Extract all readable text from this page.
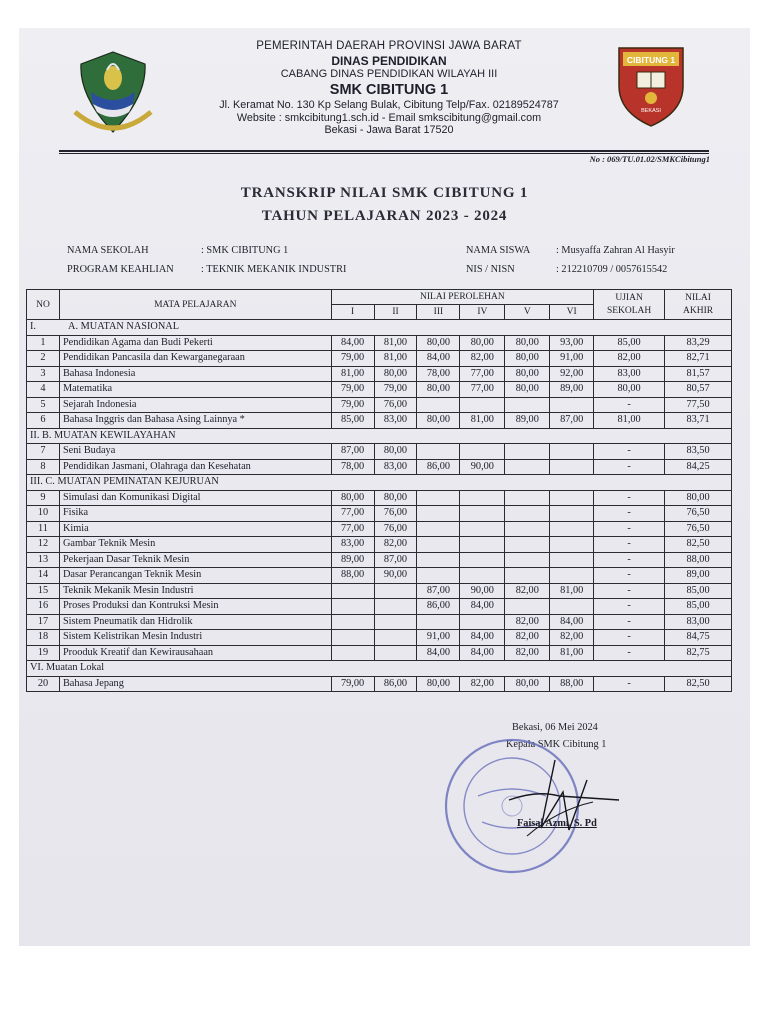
PEMERINTAH DAERAH PROVINSI JAWA BARAT
DINAS PENDIDIKAN
CABANG DINAS PENDIDIKAN WILAYAH III
SMK CIBITUNG 1
Jl. Keramat No. 130 Kp Selang Bulak, Cibitung Telp/Fax. 02189524787
Website : smkcibitung1.sch.id - Email smkscibitung@gmail.com
Bekasi - Jawa Barat 17520
CIBITUNG 1
BEKASI
No : 069/TU.01.02/SMKCibitung1
TRANSKRIP NILAI SMK CIBITUNG 1
TAHUN PELAJARAN 2023 - 2024
NAMA SEKOLAH	: SMK CIBITUNG 1
PROGRAM KEAHLIAN	: TEKNIK MEKANIK INDUSTRI
NAMA SISWA	: Musyaffa Zahran Al Hasyir
NIS / NISN	: 212210709 / 0057615542
NO	MATA PELAJARAN	NILAI PEROLEHAN						UJIAN
SEKOLAH	NILAI
AKHIR
		I	II	III	IV	V	VI		
I. A. MUATAN NASIONAL									
1	Pendidikan Agama dan Budi Pekerti	84,00	81,00	80,00	80,00	80,00	93,00	85,00	83,29
2	Pendidikan Pancasila dan Kewarganegaraan	79,00	81,00	84,00	82,00	80,00	91,00	82,00	82,71
3	Bahasa Indonesia	81,00	80,00	78,00	77,00	80,00	92,00	83,00	81,57
4	Matematika	79,00	79,00	80,00	77,00	80,00	89,00	80,00	80,57
5	Sejarah Indonesia	79,00	76,00					-	77,50
6	Bahasa Inggris dan Bahasa Asing Lainnya *	85,00	83,00	80,00	81,00	89,00	87,00	81,00	83,71
II. B. MUATAN KEWILAYAHAN									
7	Seni Budaya	87,00	80,00					-	83,50
8	Pendidikan Jasmani, Olahraga dan Kesehatan	78,00	83,00	86,00	90,00			-	84,25
III. C. MUATAN PEMINATAN KEJURUAN									
9	Simulasi dan Komunikasi Digital	80,00	80,00					-	80,00
10	Fisika	77,00	76,00					-	76,50
11	Kimia	77,00	76,00					-	76,50
12	Gambar Teknik Mesin	83,00	82,00					-	82,50
13	Pekerjaan Dasar Teknik Mesin	89,00	87,00					-	88,00
14	Dasar Perancangan Teknik Mesin	88,00	90,00					-	89,00
15	Teknik Mekanik Mesin Industri			87,00	90,00	82,00	81,00	-	85,00
16	Proses Produksi dan Kontruksi Mesin			86,00	84,00			-	85,00
17	Sistem Pneumatik dan Hidrolik					82,00	84,00	-	83,00
18	Sistem Kelistrikan Mesin Industri			91,00	84,00	82,00	82,00	-	84,75
19	Prooduk Kreatif dan Kewirausahaan			84,00	84,00	82,00	81,00	-	82,75
VI. Muatan Lokal									
20	Bahasa Jepang	79,00	86,00	80,00	82,00	80,00	88,00	-	82,50
Bekasi, 06 Mei 2024
Kepala SMK Cibitung 1
Faisal Azmi, S. Pd
